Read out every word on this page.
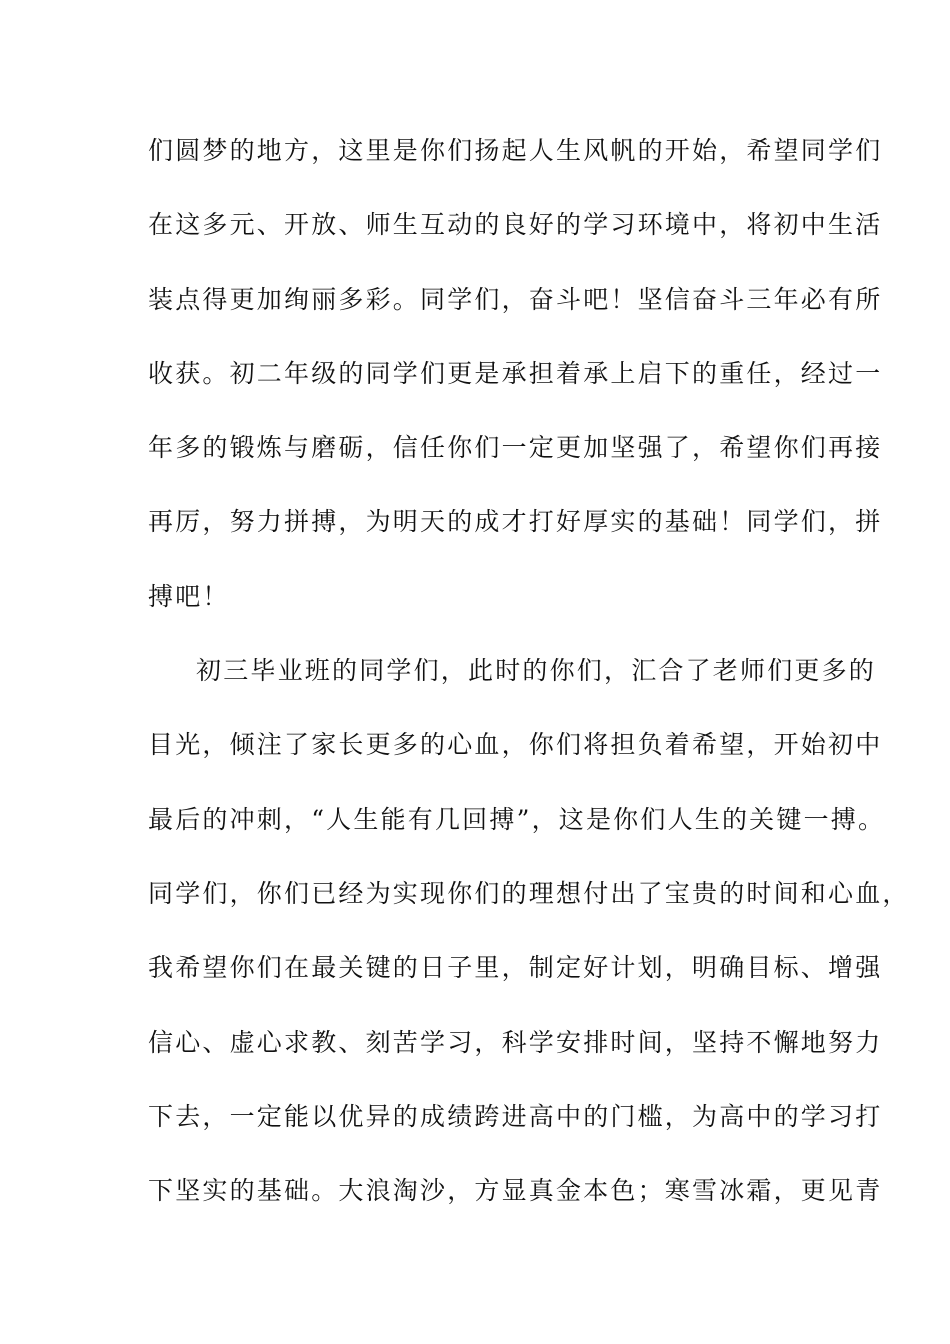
们圆梦的地方，这里是你们扬起人生风帆的开始，希望同学们
在这多元、开放、师生互动的良好的学习环境中，将初中生活
装点得更加绚丽多彩。同学们，奋斗吧！坚信奋斗三年必有所
收获。初二年级的同学们更是承担着承上启下的重任，经过一
年多的锻炼与磨砺，信任你们一定更加坚强了，希望你们再接
再厉，努力拼搏，为明天的成才打好厚实的基础！同学们，拼
搏吧！
初三毕业班的同学们，此时的你们，汇合了老师们更多的
目光，倾注了家长更多的心血，你们将担负着希望，开始初中
最后的冲刺，“人生能有几回搏”，这是你们人生的关键一搏。
同学们，你们已经为实现你们的理想付出了宝贵的时间和心血，
我希望你们在最关键的日子里，制定好计划，明确目标、增强
信心、虚心求教、刻苦学习，科学安排时间，坚持不懈地努力
下去，一定能以优异的成绩跨进高中的门槛，为高中的学习打
下坚实的基础。大浪淘沙，方显真金本色；寒雪冰霜，更见青
